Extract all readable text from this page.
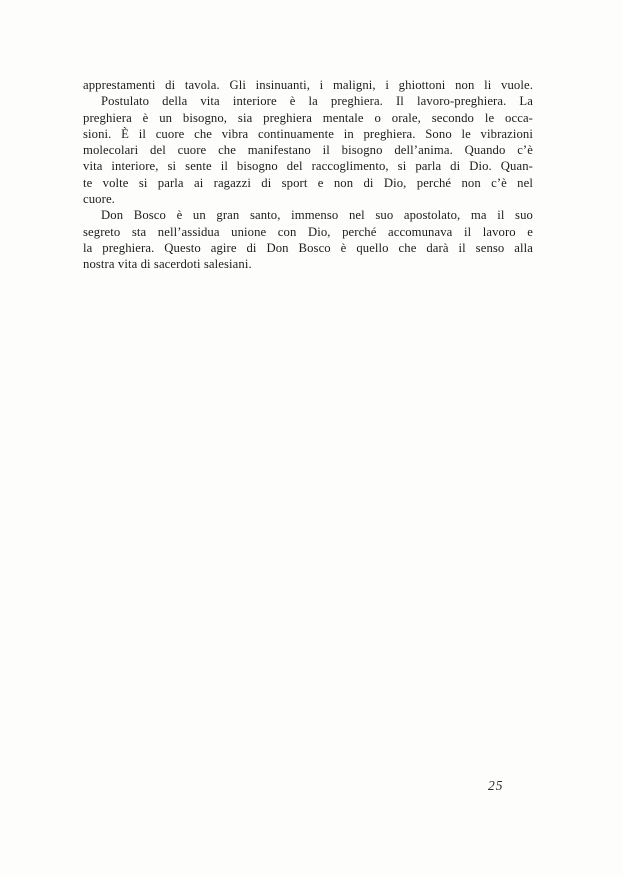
apprestamenti di tavola. Gli insinuanti, i maligni, i ghiottoni non li vuole.
Postulato della vita interiore è la preghiera. Il lavoro-preghiera. La
preghiera è un bisogno, sia preghiera mentale o orale, secondo le occa-
sioni. È il cuore che vibra continuamente in preghiera. Sono le vibrazioni
molecolari del cuore che manifestano il bisogno dell’anima. Quando c’è
vita interiore, si sente il bisogno del raccoglimento, si parla di Dio. Quan-
te volte si parla ai ragazzi di sport e non di Dio, perché non c’è nel
cuore.
Don Bosco è un gran santo, immenso nel suo apostolato, ma il suo
segreto sta nell’assidua unione con Dio, perché accomunava il lavoro e
la preghiera. Questo agire di Don Bosco è quello che darà il senso alla
nostra vita di sacerdoti salesiani.
25
